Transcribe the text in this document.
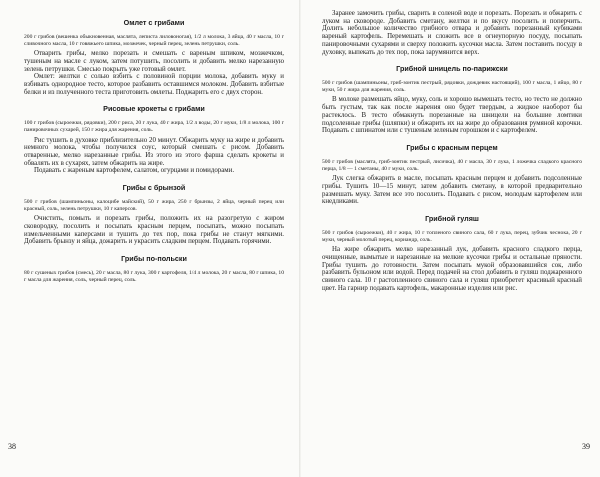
Омлет с грибами

200 г грибов (вешенка обыкновенная, маслята, леписта лиловоногая), 1/2 л молока, 3 яйца, 40 г масла, 10 г сливочного масла, 10 г говяжьего шпика, мозжечек, черный перец, зелень петрушки, соль.

Отварить грибы, мелко порезать и смешать с вареным шпиком, мозжечком, тушеным на масле с луком, затем потушить, посолить и добавить мелко нарезанную зелень петрушки. Смесью покрыть уже готовый омлет.

Омлет: желтки с солью взбить с половиной порции молока, добавить муку и взбивать однородное тесто, которое разбавить оставшимся молоком. Добавить взбитые белки и из полученного теста приготовить омлеты. Поджарить его с двух сторон.

Рисовые крокеты с грибами

100 г грибов (сыроежки, рядовки), 200 г риса, 20 г лука, 40 г жира, 1/2 л воды, 20 г муки, 1/8 л молока, 100 г панировочных сухарей, 150 г жира для жарения, соль.

Рис тушить в духовке приблизительно 20 минут. Обжарить муку на жире и добавить немного молока, чтобы получился соус, который смешать с рисом. Добавить отваренные, мелко нарезанные грибы. Из этого из этого фарша сделать крокеты и обвалять их в сухарях, затем обжарить на жире.

Подавать с жареным картофелем, салатом, огурцами и помидорами.

Грибы с брынзой

500 г грибов (шампиньоны, калоцибе майский), 50 г жира, 250 г брынзы, 2 яйца, черный перец или красный, соль, зелень петрушки, 10 г каперсов.

Очистить, помыть и порезать грибы, положить их на разогретую с жиром сковородку, посолить и посыпать красным перцем, посыпать, можно посыпать измельченными каперсами и тушить до тех пор, пока грибы не станут мягкими. Добавить брынзу и яйца, дожарить и украсить сладким перцем. Подавать горячими.

Грибы по-польски

80 г сушеных грибов (смесь), 20 г масла, 80 г лука, 300 г картофеля, 1/4 л молока, 20 г масла, 80 г шпика, 10 г масла для жарения, соль, черный перец, соль.

38

Заранее замочить грибы, сварить в соленой воде и порезать. Порезать и обжарить с луком на сковороде. Добавить сметану, желтки и по вкусу посолить и поперчить. Долить небольшое количество грибного отвара и добавить порезанный кубиками вареный картофель. Перемешать и сложить все в огнеупорную посуду, посыпать панировочными сухарями и сверху положить кусочки масла. Затем поставить посуду в духовку, выпекать до тех пор, пока зарумянится верх.

Грибной шницель по-парижски

500 г грибов (шампиньоны, гриб-зонтик пестрый, рядовки, дождевик настоящий), 100 г масла, 1 яйцо, 80 г муки, 50 г жира для жарения, соль.

В молоке размешать яйцо, муку, соль и хорошо вымешать тесто, но тесто не должно быть густым, так как после жарения оно будет твердым, а жидкое наоборот бы растеклось. В тесто обмакнуть порезанные на шницели на большие ломтики подсоленные грибы (шляпки) и обжарить их на жире до образования румяной корочки. Подавать с шпинатом или с тушеным зеленым горошком и с картофелем.

Грибы с красным перцем

500 г грибов (маслята, гриб-зонтик пестрый, лисичка), 40 г масла, 30 г лука, 1 ложечка сладкого красного перца, 1/8 — 1 сметаны, 40 г муки, соль.

Лук слегка обжарить в масле, посыпать красным перцем и добавить подсоленные грибы. Тушить 10—15 минут, затем добавить сметану, в которой предварительно размешать муку. Затем все это посолить. Подавать с рисом, молодым картофелем или кнедликами.

Грибной гуляш

500 г грибов (сыроежки), 40 г жира, 10 г топленого свиного сала, 60 г лука, перец, зубчик чеснока, 20 г муки, черный молотый перец, кориандр, соль.

На жире обжарить мелко нарезанный лук, добавить красного сладкого перца, очищенные, вымытые и нарезанные на мелкие кусочки грибы и остальные пряности. Грибы тушить до готовности. Затем посыпать мукой образовавшийся сок, либо разбавить бульоном или водой. Перед подачей на стол добавить в гуляш поджаренного свиного сала. 10 г растопленного свиного сала и гуляш приобретет красивый красный цвет. На гарнир подавать картофель, макаронные изделия или рис.

39
